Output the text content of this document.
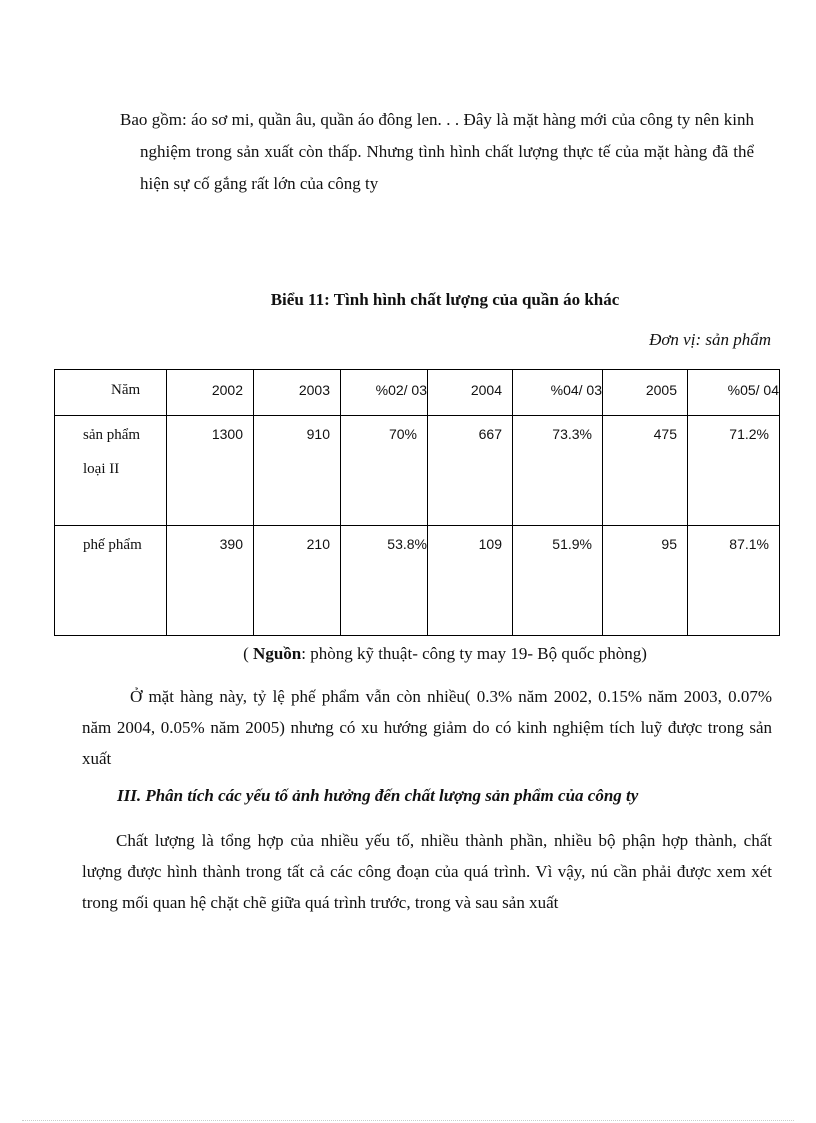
Bao gồm: áo sơ mi, quần âu, quần áo đông len. . . Đây là mặt hàng mới của công ty nên kinh nghiệm trong sản xuất còn thấp. Nhưng tình hình chất lượng thực tế của mặt hàng đã thể hiện sự cố gắng rất lớn của công ty

Biểu 11: Tình hình chất lượng của quần áo khác

Đơn vị: sản phẩm

Năm	2002	2003	%02/ 03	2004	%04/ 03	2005	%05/ 04
sản phẩm loại II	1300	910	70%	667	73.3%	475	71.2%
phế phẩm	390	210	53.8%	109	51.9%	95	87.1%

( Nguồn: phòng kỹ thuật- công ty may 19- Bộ quốc phòng)

Ở mặt hàng này, tỷ lệ phế phẩm vẫn còn nhiều( 0.3% năm 2002, 0.15% năm 2003, 0.07% năm 2004, 0.05% năm 2005) nhưng có xu hướng giảm do có kinh nghiệm tích luỹ được trong sản xuất

III. Phân tích các yếu tố ảnh hưởng đến chất lượng sản phẩm của công ty

Chất lượng là tổng hợp của nhiều yếu tố, nhiều thành phần, nhiều bộ phận hợp thành, chất lượng được hình thành trong tất cả các công đoạn của quá trình. Vì vậy, nú cần phải được xem xét trong mối quan hệ chặt chẽ giữa quá trình trước, trong và sau sản xuất
